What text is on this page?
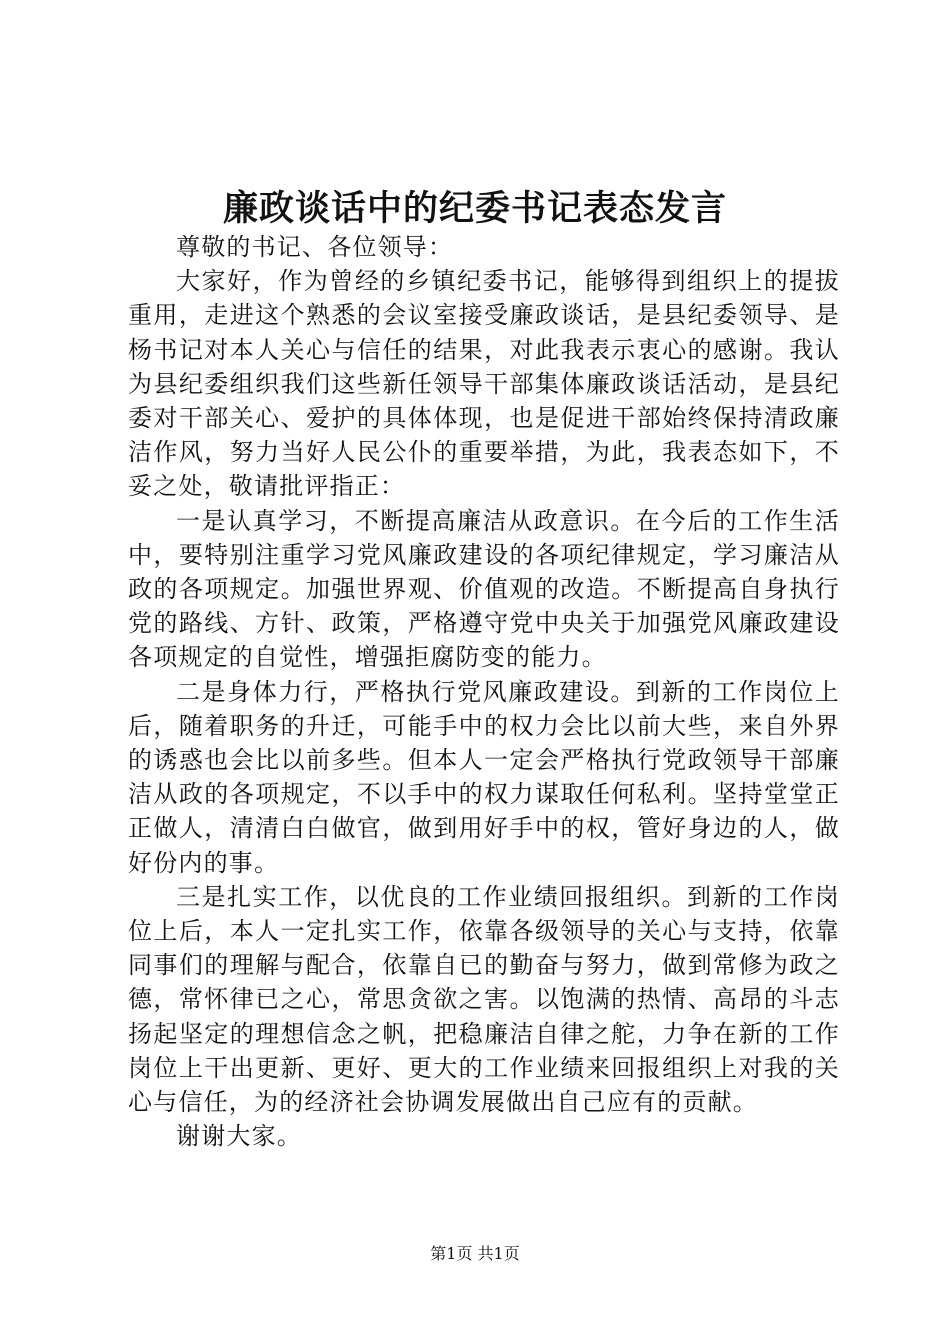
廉政谈话中的纪委书记表态发言

尊敬的书记、各位领导：

大家好，作为曾经的乡镇纪委书记，能够得到组织上的提拔重用，走进这个熟悉的会议室接受廉政谈话，是县纪委领导、是杨书记对本人关心与信任的结果，对此我表示衷心的感谢。我认为县纪委组织我们这些新任领导干部集体廉政谈话活动，是县纪委对干部关心、爱护的具体体现，也是促进干部始终保持清政廉洁作风，努力当好人民公仆的重要举措，为此，我表态如下，不妥之处，敬请批评指正：

一是认真学习，不断提高廉洁从政意识。在今后的工作生活中，要特别注重学习党风廉政建设的各项纪律规定，学习廉洁从政的各项规定。加强世界观、价值观的改造。不断提高自身执行党的路线、方针、政策，严格遵守党中央关于加强党风廉政建设各项规定的自觉性，增强拒腐防变的能力。

二是身体力行，严格执行党风廉政建设。到新的工作岗位上后，随着职务的升迁，可能手中的权力会比以前大些，来自外界的诱惑也会比以前多些。但本人一定会严格执行党政领导干部廉洁从政的各项规定，不以手中的权力谋取任何私利。坚持堂堂正正做人，清清白白做官，做到用好手中的权，管好身边的人，做好份内的事。

三是扎实工作，以优良的工作业绩回报组织。到新的工作岗位上后，本人一定扎实工作，依靠各级领导的关心与支持，依靠同事们的理解与配合，依靠自已的勤奋与努力，做到常修为政之德，常怀律已之心，常思贪欲之害。以饱满的热情、高昂的斗志扬起坚定的理想信念之帆，把稳廉洁自律之舵，力争在新的工作岗位上干出更新、更好、更大的工作业绩来回报组织上对我的关心与信任，为的经济社会协调发展做出自己应有的贡献。

谢谢大家。

第1页 共1页
